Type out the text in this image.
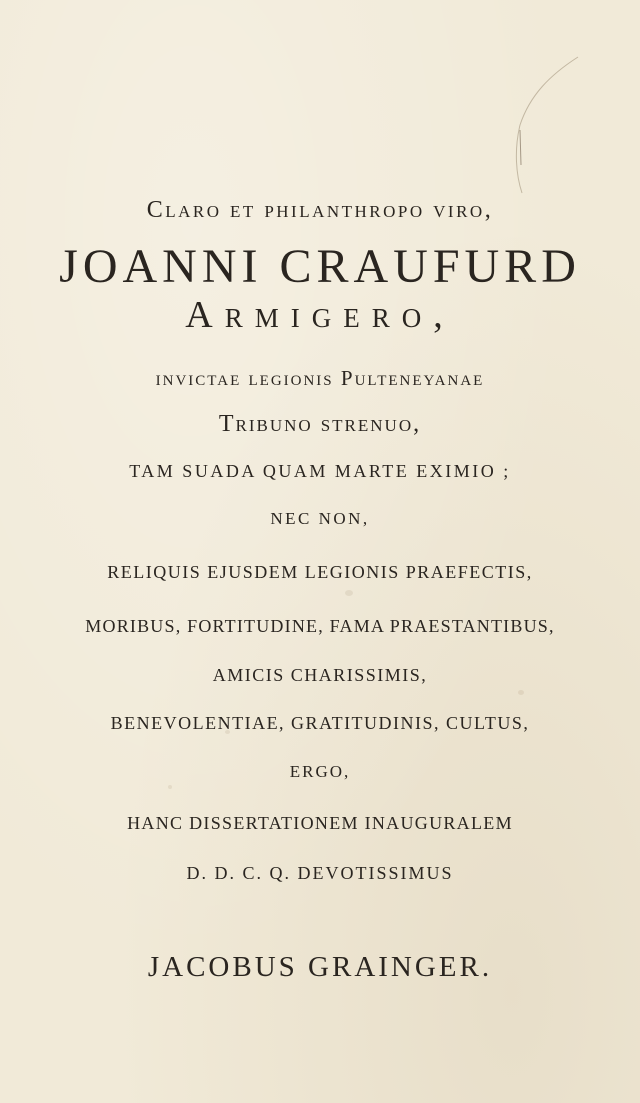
Claro et philanthropo viro,
JOANNI CRAUFURD
Armigero,
invictae legionis Pulteneyanae
Tribuno strenuo,
TAM SUADA QUAM MARTE EXIMIO ;
NEC NON,
RELIQUIS EJUSDEM LEGIONIS PRAEFECTIS,
MORIBUS, FORTITUDINE, FAMA PRAESTANTIBUS,
AMICIS CHARISSIMIS,
BENEVOLENTIAE, GRATITUDINIS, CULTUS,
ERGO,
HANC DISSERTATIONEM INAUGURALEM
D. D. C. Q. DEVOTISSIMUS
JACOBUS GRAINGER.
